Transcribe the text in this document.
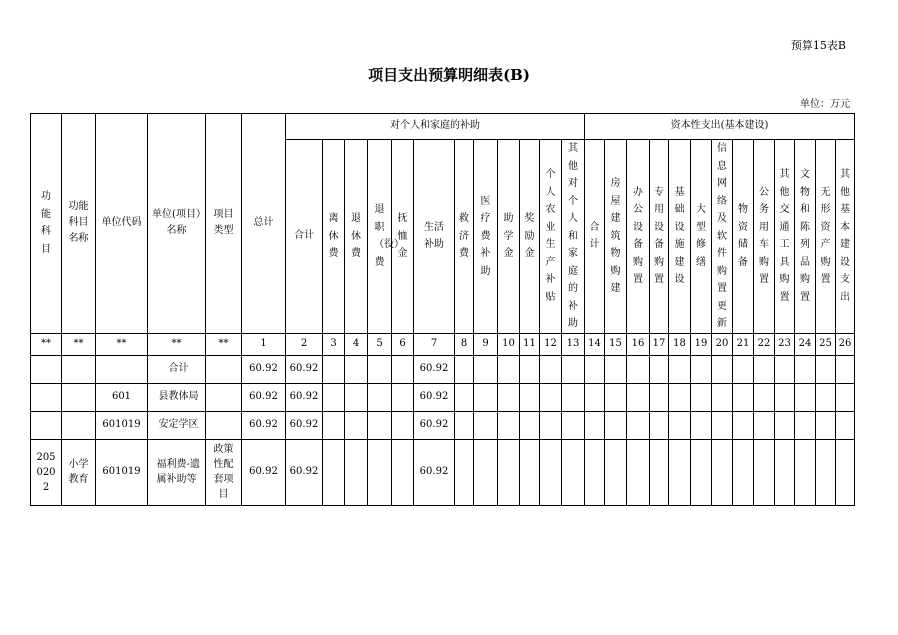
预算15表B
项目支出预算明细表(B)
单位：万元
功能科目	功能科目名称	单位代码	单位(项目）名称	项目类型	总计	对个人和家庭的补助												资本性支出(基本建设)												
						合计	离休费	退休费	退职（役）费	抚恤金	生活补助	救济费	医疗费补助	助学金	奖励金	个人农业生产补贴	其他对个人和家庭的补助	合计	房屋建筑物购建	办公设备购置	专用设备购置	基础设施建设	大型修缮	信息网络及软件购置更新	物资储备	公务用车购置	其他交通工具购置	文物和陈列品购置	无形资产购置	其他基本建设支出
**	**	**	**	**	1	2	3	4	5	6	7	8	9	10	11	12	13	14	15	16	17	18	19	20	21	22	23	24	25	26
			合计		60.92	60.92					60.92																			
		601	县教体局		60.92	60.92					60.92																			
		601019	安定学区		60.92	60.92					60.92																			
2050202	小学教育	601019	福利费-遗属补助等	政策性配套项目	60.92	60.92					60.92																			
